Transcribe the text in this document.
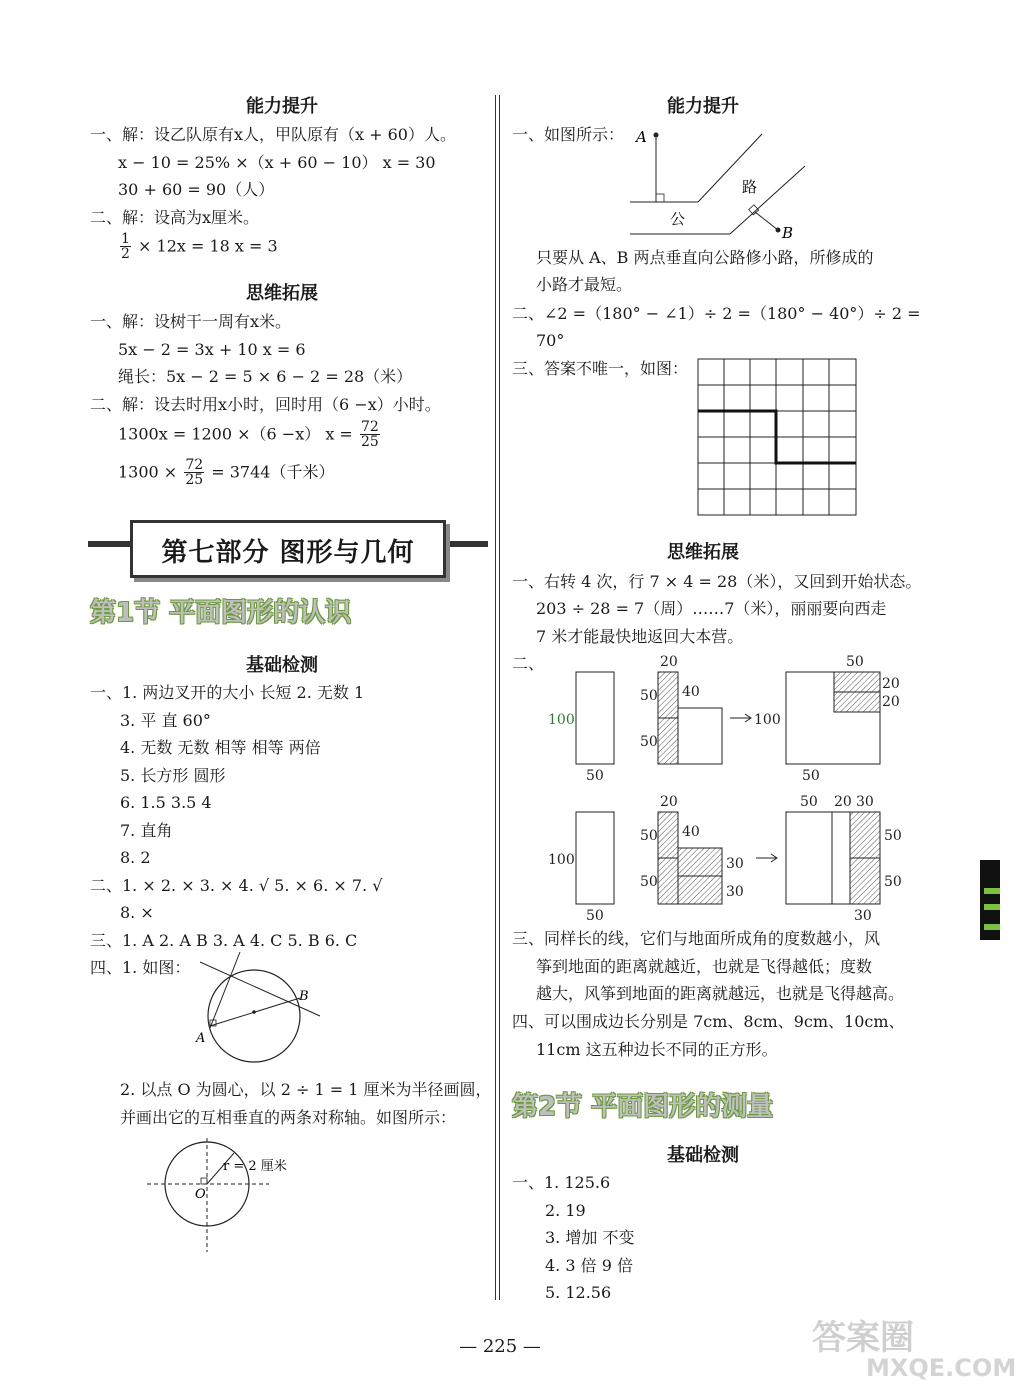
能力提升
一、解：设乙队原有x人，甲队原有（x + 60）人。
x − 10 = 25% ×（x + 60 − 10） x = 30
30 + 60 = 90（人）
二、解：设高为x厘米。
$\frac{1}{2} \times 12x = 18$ x = 3
思维拓展
一、解：设树干一周有x米。
5x − 2 = 3x + 10 x = 6
绳长：5x − 2 = 5 × 6 − 2 = 28（米）
二、解：设去时用x小时，回时用（6 −x）小时。
1300x = 1200 ×（6 −x） $x = \frac{72}{25}$
$1300 \times \frac{72}{25} = 3744$（千米）
第七部分 图形与几何
第1节 平面图形的认识
基础检测
一、1. 两边叉开的大小 长短 2. 无数 1
3. 平 直 60°
4. 无数 无数 相等 相等 两倍
5. 长方形 圆形
6. 1.5 3.5 4
7. 直角
8. 2
二、1. × 2. × 3. × 4. √ 5. × 6. × 7. √
8. ×
三、1. A 2. A B 3. A 4. C 5. B 6. C
四、1. 如图：
B
A
2. 以点 O 为圆心，以 2 ÷ 1 = 1 厘米为半径画圆，
并画出它的互相垂直的两条对称轴。如图所示：
O
r = 2 厘米
能力提升
一、如图所示： A
B
路
公
只要从 A、B 两点垂直向公路修小路，所修成的
小路才最短。
二、∠2 =（180° − ∠1）÷ 2 =（180° − 40°）÷ 2 =
70°
三、答案不唯一，如图：
思维拓展
一、右转 4 次，行 7 × 4 = 28（米），又回到开始状态。
203 ÷ 28 = 7（周）……7（米），丽丽要向西走
7 米才能最快地返回大本营。
二、
100
50
20
50
50
40
100
50
20
20
50
100
50
20
50
50
40
30
30
50 20 30
50
50
30
三、同样长的线，它们与地面所成角的度数越小，风
筝到地面的距离就越近，也就是飞得越低；度数
越大，风筝到地面的距离就越远，也就是飞得越高。
四、可以围成边长分别是 7cm、8cm、9cm、10cm、
11cm 这五种边长不同的正方形。
第2节 平面图形的测量
基础检测
一、1. 125.6
2. 19
3. 增加 不变
4. 3 倍 9 倍
5. 12.56
— 225 —	答案圈
MXQE.COM
